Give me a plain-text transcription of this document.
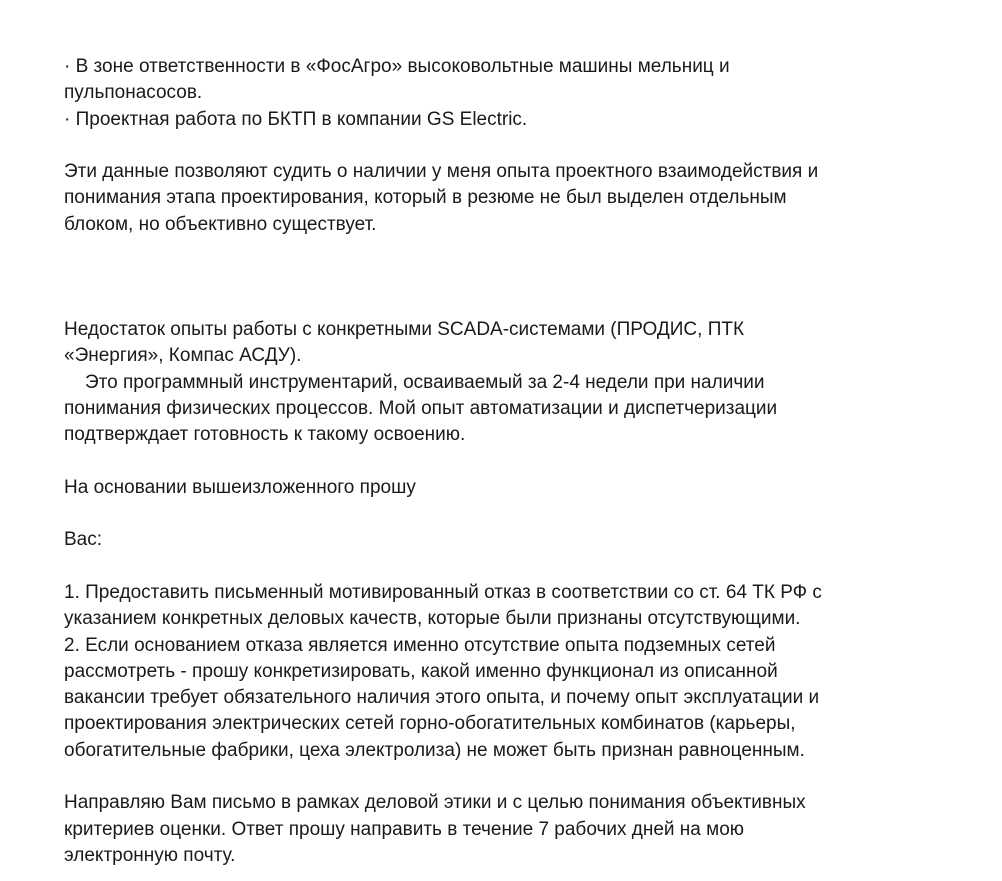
· В зоне ответственности в «ФосАгро» высоковольтные машины мельниц и

пульпонасосов.

· Проектная работа по БКТП в компании GS Electric.

Эти данные позволяют судить о наличии у меня опыта проектного взаимодействия и

понимания этапа проектирования, который в резюме не был выделен отдельным

блоком, но объективно существует.

Недостаток опыты работы с конкретными SCADA-системами (ПРОДИС, ПТК

«Энергия», Компас АСДУ).

Это программный инструментарий, осваиваемый за 2-4 недели при наличии

понимания физических процессов. Мой опыт автоматизации и диспетчеризации

подтверждает готовность к такому освоению.

На основании вышеизложенного прошу

Вас:

1. Предоставить письменный мотивированный отказ в соответствии со ст. 64 ТК РФ с

указанием конкретных деловых качеств, которые были признаны отсутствующими.

2. Если основанием отказа является именно отсутствие опыта подземных сетей

рассмотреть - прошу конкретизировать, какой именно функционал из описанной

вакансии требует обязательного наличия этого опыта, и почему опыт эксплуатации и

проектирования электрических сетей горно-обогатительных комбинатов (карьеры,

обогатительные фабрики, цеха электролиза) не может быть признан равноценным.

Направляю Вам письмо в рамках деловой этики и с целью понимания объективных

критериев оценки. Ответ прошу направить в течение 7 рабочих дней на мою

электронную почту.
